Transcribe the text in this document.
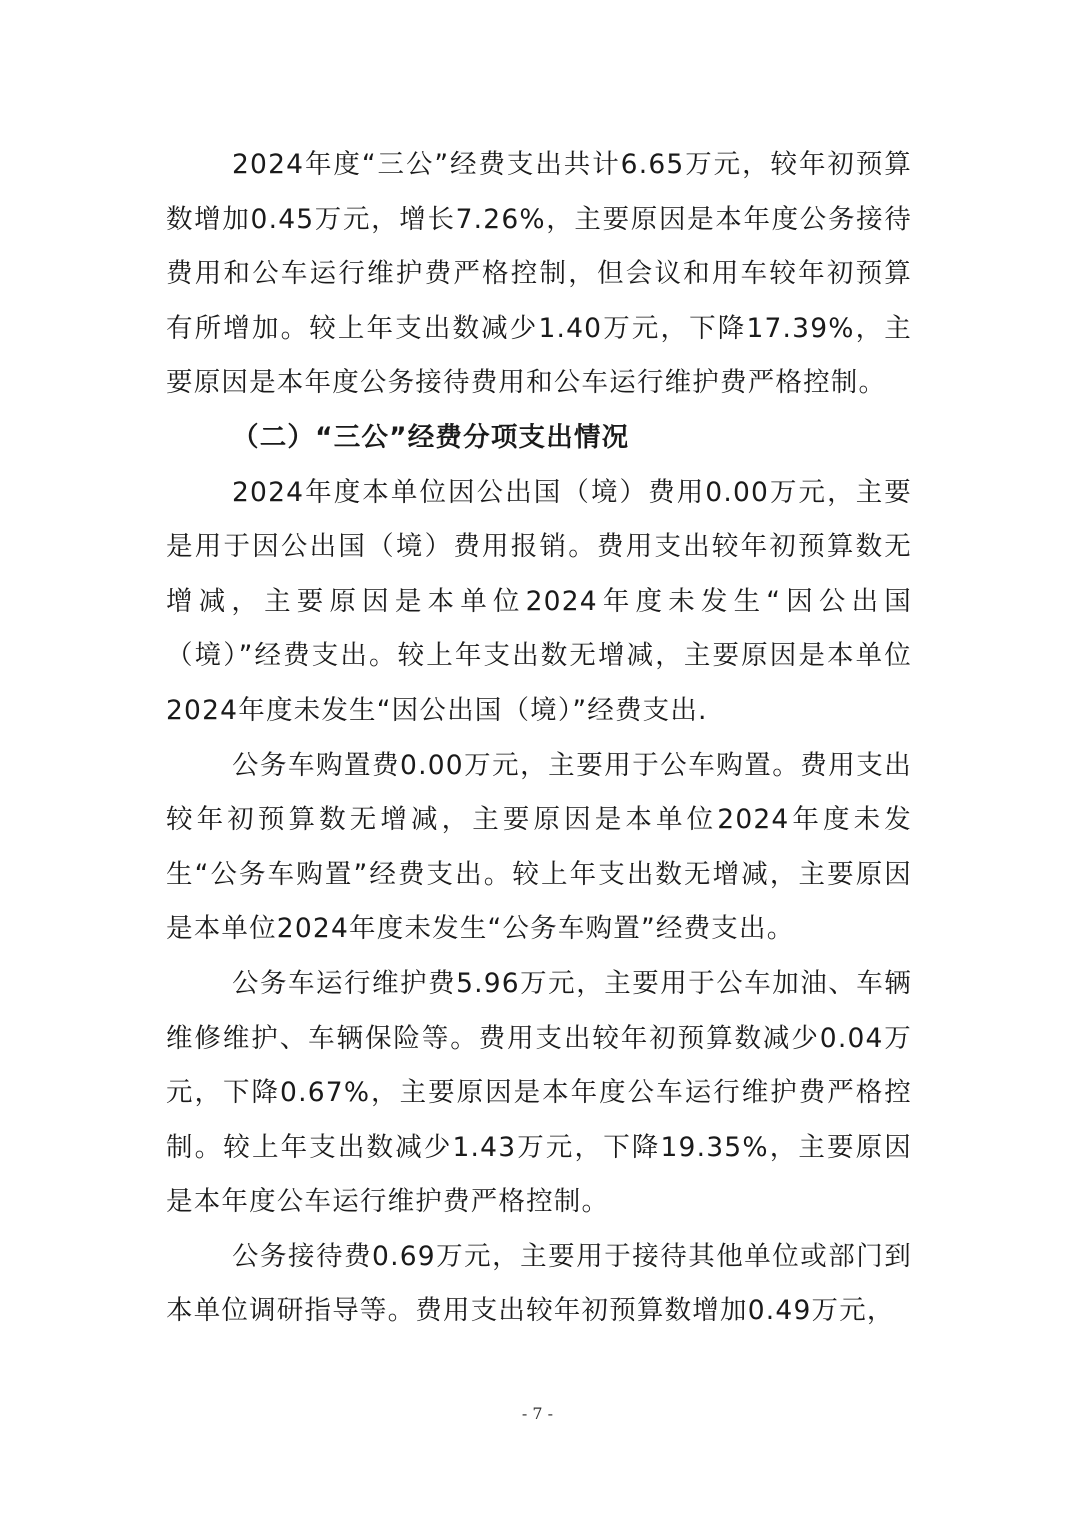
2024年度“三公”经费支出共计6.65万元，较年初预算数增加0.45万元，增长7.26%，主要原因是本年度公务接待费用和公车运行维护费严格控制，但会议和用车较年初预算有所增加。较上年支出数减少1.40万元，下降17.39%，主要原因是本年度公务接待费用和公车运行维护费严格控制。

（二）“三公”经费分项支出情况

2024年度本单位因公出国（境）费用0.00万元，主要是用于因公出国（境）费用报销。费用支出较年初预算数无增减，主要原因是本单位2024年度未发生“因公出国（境）”经费支出。较上年支出数无增减，主要原因是本单位2024年度未发生“因公出国（境）”经费支出.

公务车购置费0.00万元，主要用于公车购置。费用支出较年初预算数无增减，主要原因是本单位2024年度未发生“公务车购置”经费支出。较上年支出数无增减，主要原因是本单位2024年度未发生“公务车购置”经费支出。

公务车运行维护费5.96万元，主要用于公车加油、车辆维修维护、车辆保险等。费用支出较年初预算数减少0.04万元，下降0.67%，主要原因是本年度公车运行维护费严格控制。较上年支出数减少1.43万元，下降19.35%，主要原因是本年度公车运行维护费严格控制。

公务接待费0.69万元，主要用于接待其他单位或部门到本单位调研指导等。费用支出较年初预算数增加0.49万元，

- 7 -
